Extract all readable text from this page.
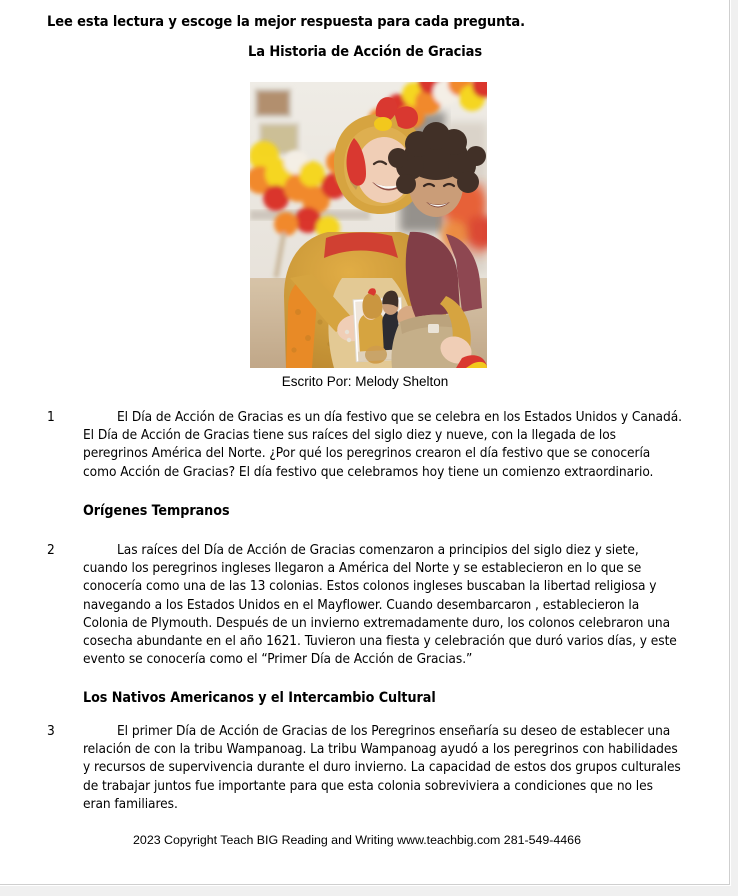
Lee esta lectura y escoge la mejor respuesta para cada pregunta.
La Historia de Acción de Gracias
Escrito Por: Melody Shelton
1	El Día de Acción de Gracias es un día festivo que se celebra en los Estados Unidos y Canadá. El Día de Acción de Gracias tiene sus raíces del siglo diez y nueve, con la llegada de los peregrinos América del Norte. ¿Por qué los peregrinos crearon el día festivo que se conocería como Acción de Gracias? El día festivo que celebramos hoy tiene un comienzo extraordinario.
Orígenes Tempranos
2	Las raíces del Día de Acción de Gracias comenzaron a principios del siglo diez y siete, cuando los peregrinos ingleses llegaron a América del Norte y se establecieron en lo que se conocería como una de las 13 colonias. Estos colonos ingleses buscaban la libertad religiosa y navegando a los Estados Unidos en el Mayflower. Cuando desembarcaron , establecieron la Colonia de Plymouth. Después de un invierno extremadamente duro, los colonos celebraron una cosecha abundante en el año 1621. Tuvieron una fiesta y celebración que duró varios días, y este evento se conocería como el “Primer Día de Acción de Gracias.”
Los Nativos Americanos y el Intercambio Cultural
3	El primer Día de Acción de Gracias de los Peregrinos enseñaría su deseo de establecer una relación de con la tribu Wampanoag. La tribu Wampanoag ayudó a los peregrinos con habilidades y recursos de supervivencia durante el duro invierno. La capacidad de estos dos grupos culturales de trabajar juntos fue importante para que esta colonia sobreviviera a condiciones que no les eran familiares.
2023 Copyright Teach BIG Reading and Writing www.teachbig.com 281-549-4466
